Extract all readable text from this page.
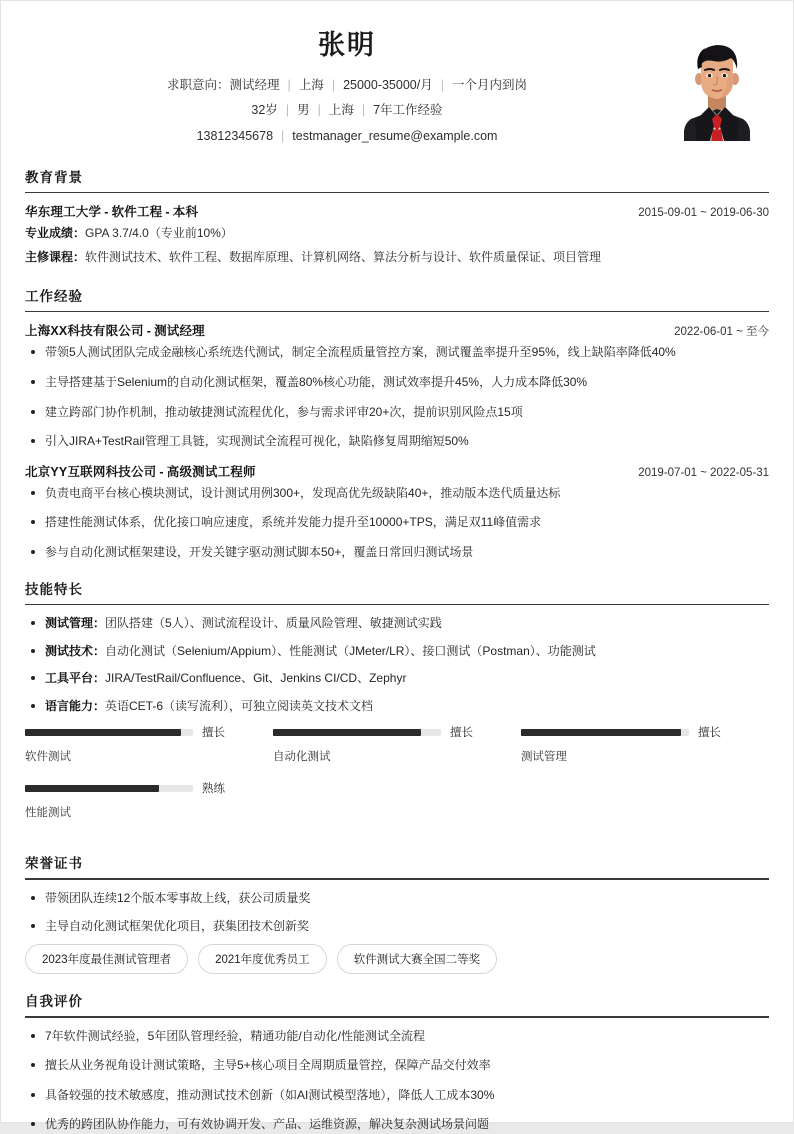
张明
求职意向：测试经理 | 上海 | 25000-35000/月 | 一个月内到岗
32岁 | 男 | 上海 | 7年工作经验
13812345678 | testmanager_resume@example.com
教育背景
华东理工大学 - 软件工程 - 本科	2015-09-01 ~ 2019-06-30
专业成绩：GPA 3.7/4.0（专业前10%）
主修课程：软件测试技术、软件工程、数据库原理、计算机网络、算法分析与设计、软件质量保证、项目管理
工作经验
上海XX科技有限公司 - 测试经理	2022-06-01 ~ 至今
带领5人测试团队完成金融核心系统迭代测试，制定全流程质量管控方案，测试覆盖率提升至95%，线上缺陷率降低40%
主导搭建基于Selenium的自动化测试框架，覆盖80%核心功能，测试效率提升45%，人力成本降低30%
建立跨部门协作机制，推动敏捷测试流程优化，参与需求评审20+次，提前识别风险点15项
引入JIRA+TestRail管理工具链，实现测试全流程可视化，缺陷修复周期缩短50%
北京YY互联网科技公司 - 高级测试工程师	2019-07-01 ~ 2022-05-31
负责电商平台核心模块测试，设计测试用例300+，发现高优先级缺陷40+，推动版本迭代质量达标
搭建性能测试体系，优化接口响应速度，系统并发能力提升至10000+TPS，满足双11峰值需求
参与自动化测试框架建设，开发关键字驱动测试脚本50+，覆盖日常回归测试场景
技能特长
测试管理：团队搭建（5人）、测试流程设计、质量风险管理、敏捷测试实践
测试技术：自动化测试（Selenium/Appium）、性能测试（JMeter/LR）、接口测试（Postman）、功能测试
工具平台：JIRA/TestRail/Confluence、Git、Jenkins CI/CD、Zephyr
语言能力：英语CET-6（读写流利），可独立阅读英文技术文档
擅长
软件测试
擅长
自动化测试
擅长
测试管理
熟练
性能测试
荣誉证书
带领团队连续12个版本零事故上线，获公司质量奖
主导自动化测试框架优化项目，获集团技术创新奖
2023年度最佳测试管理者	2021年度优秀员工	软件测试大赛全国二等奖
自我评价
7年软件测试经验，5年团队管理经验，精通功能/自动化/性能测试全流程
擅长从业务视角设计测试策略，主导5+核心项目全周期质量管控，保障产品交付效率
具备较强的技术敏感度，推动测试技术创新（如AI测试模型落地），降低人工成本30%
优秀的跨团队协作能力，可有效协调开发、产品、运维资源，解决复杂测试场景问题
